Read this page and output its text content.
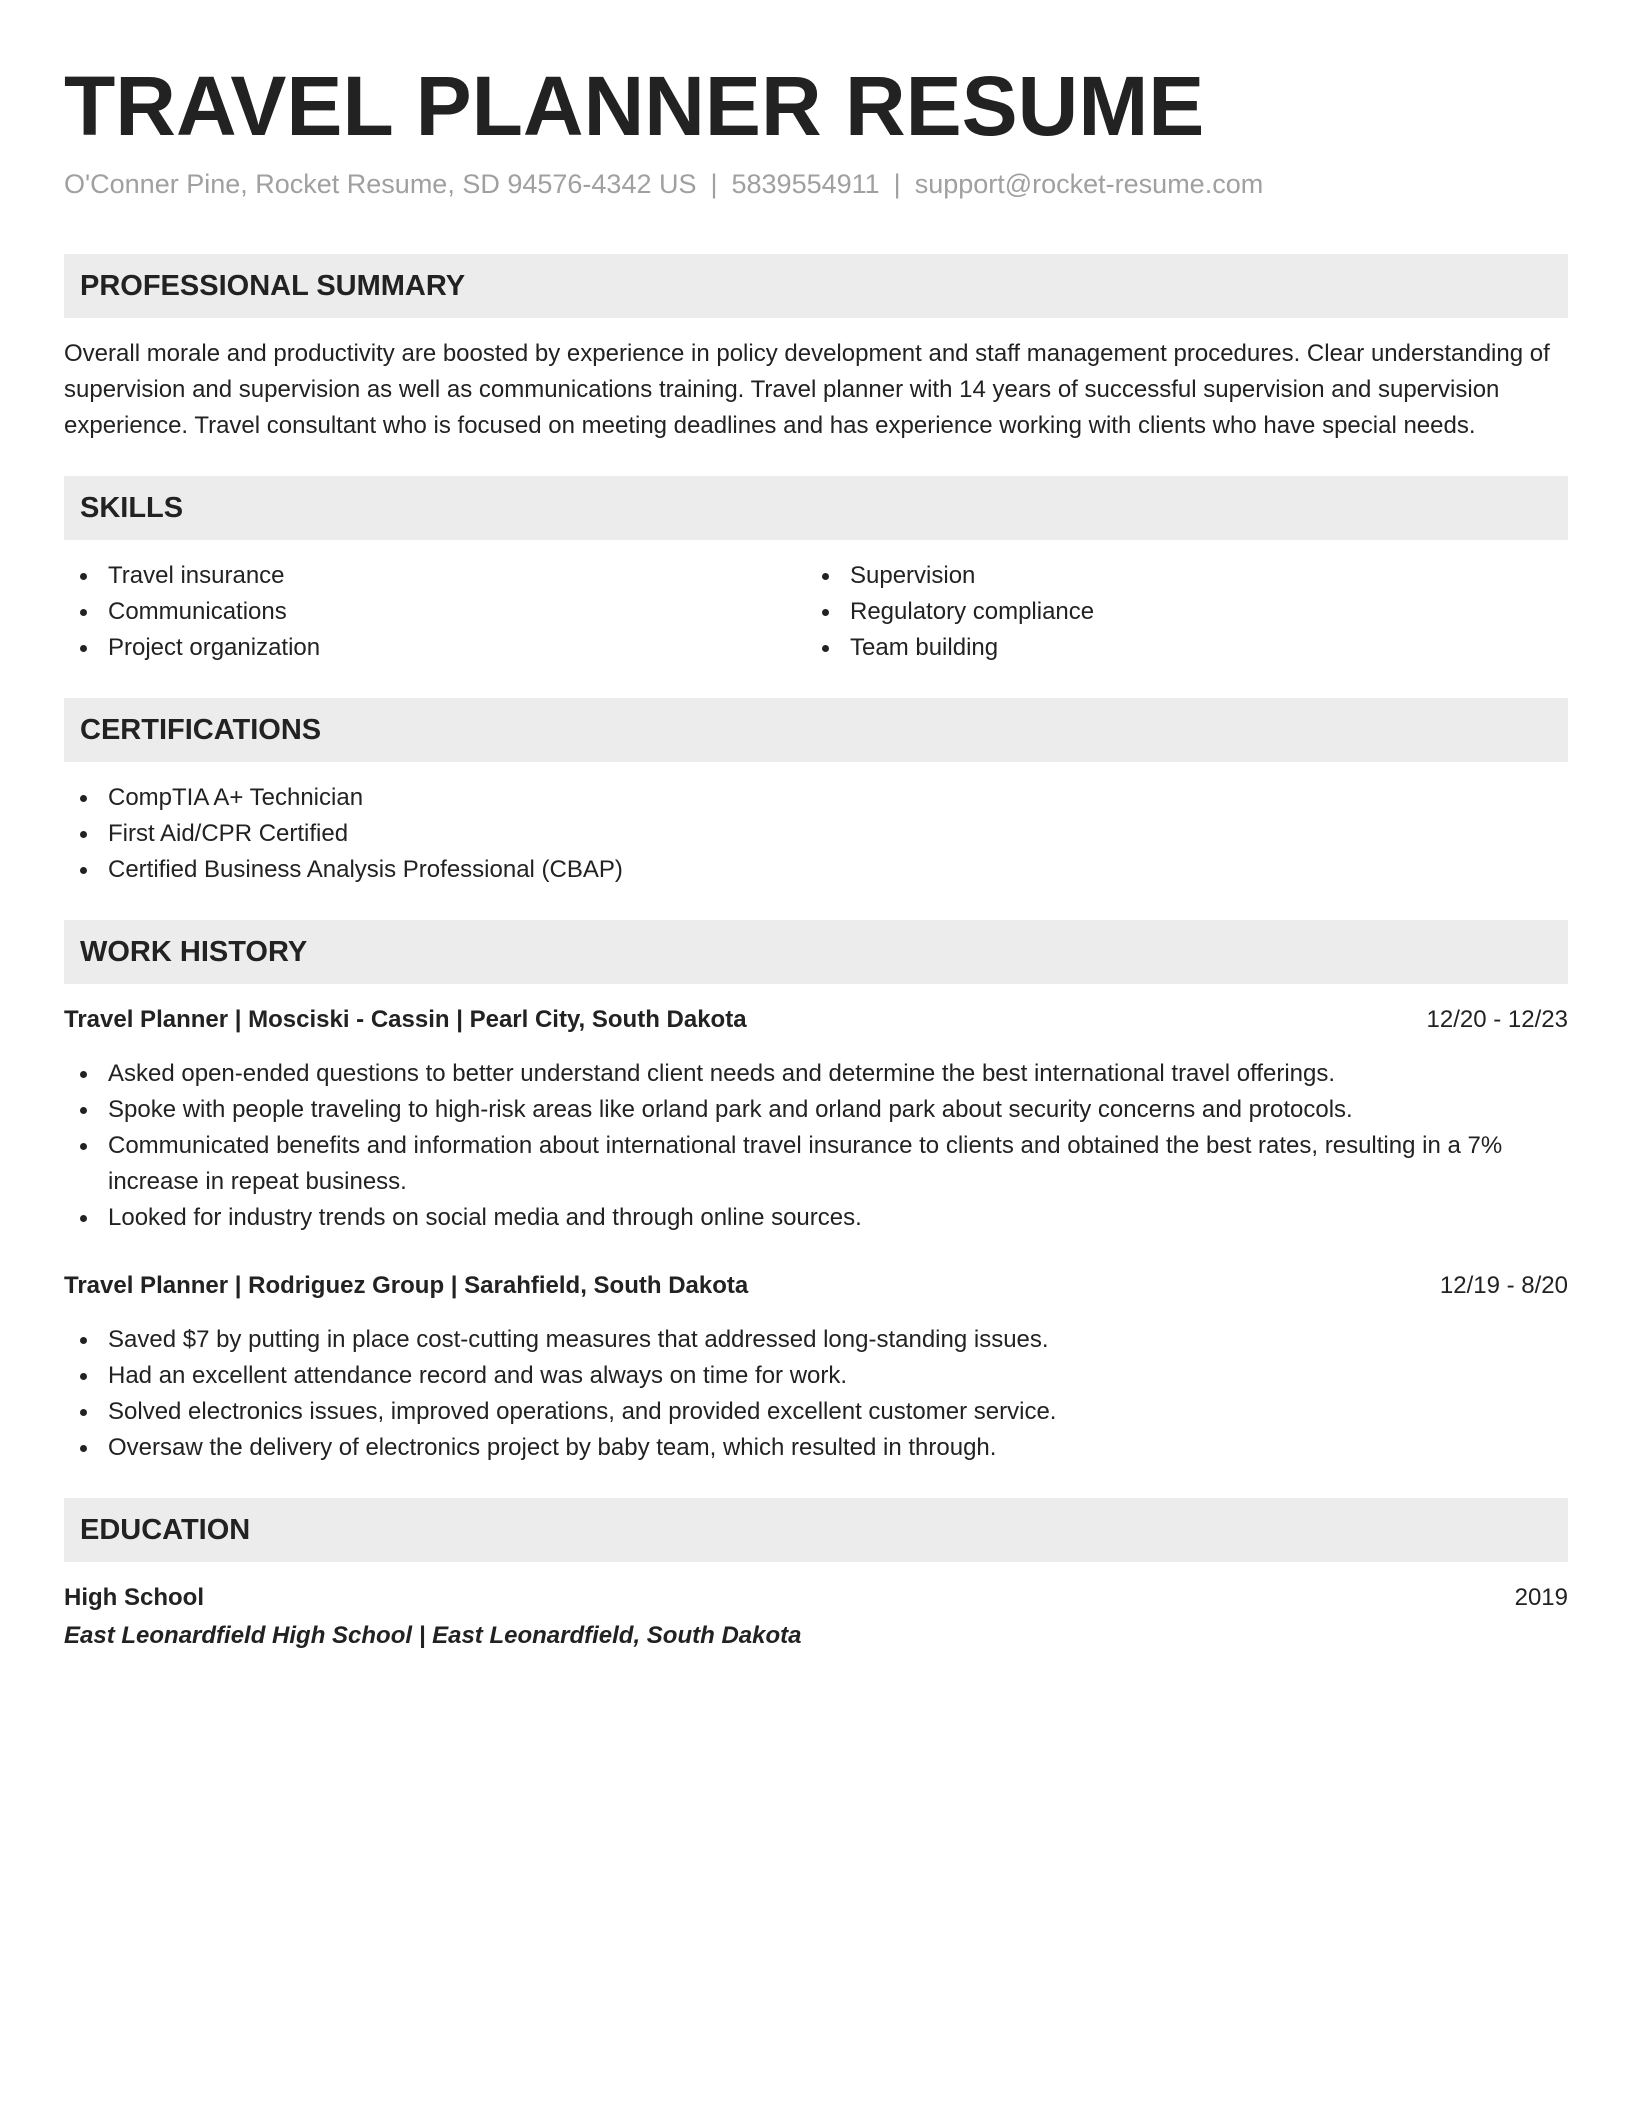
TRAVEL PLANNER RESUME
O'Conner Pine, Rocket Resume, SD 94576-4342 US | 5839554911 | support@rocket-resume.com
PROFESSIONAL SUMMARY

Overall morale and productivity are boosted by experience in policy development and staff management procedures. Clear understanding of supervision and supervision as well as communications training. Travel planner with 14 years of successful supervision and supervision experience. Travel consultant who is focused on meeting deadlines and has experience working with clients who have special needs.

SKILLS
Travel insurance
Communications
Project organization
Supervision
Regulatory compliance
Team building
CERTIFICATIONS
CompTIA A+ Technician
First Aid/CPR Certified
Certified Business Analysis Professional (CBAP)
WORK HISTORY
Travel Planner | Mosciski - Cassin | Pearl City, South Dakota	12/20 - 12/23
Asked open-ended questions to better understand client needs and determine the best international travel offerings.
Spoke with people traveling to high-risk areas like orland park and orland park about security concerns and protocols.
Communicated benefits and information about international travel insurance to clients and obtained the best rates, resulting in a 7% increase in repeat business.
Looked for industry trends on social media and through online sources.
Travel Planner | Rodriguez Group | Sarahfield, South Dakota	12/19 - 8/20
Saved $7 by putting in place cost-cutting measures that addressed long-standing issues.
Had an excellent attendance record and was always on time for work.
Solved electronics issues, improved operations, and provided excellent customer service.
Oversaw the delivery of electronics project by baby team, which resulted in through.
EDUCATION
High School	2019
East Leonardfield High School | East Leonardfield, South Dakota
